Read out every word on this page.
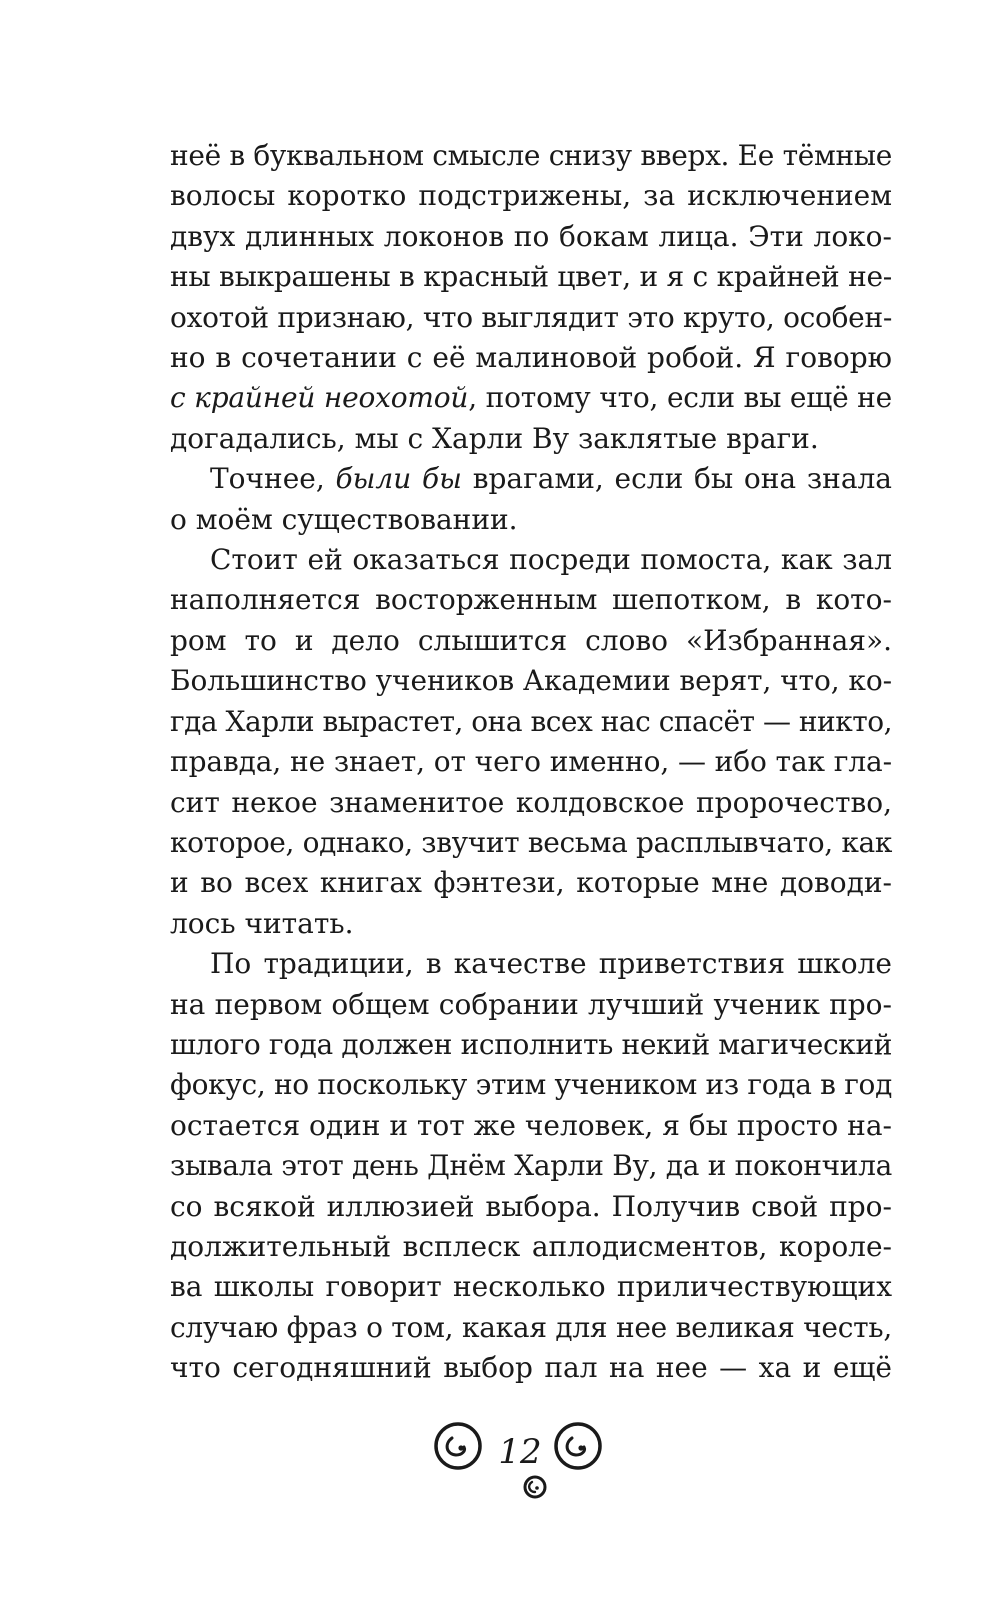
неё в буквальном смысле снизу вверх. Ее тёмные
волосы коротко подстрижены, за исключением
двух длинных локонов по бокам лица. Эти локо-
ны выкрашены в красный цвет, и я с крайней не-
охотой признаю, что выглядит это круто, особен-
но в сочетании с её малиновой робой. Я говорю
с крайней неохотой, потому что, если вы ещё не
догадались, мы с Харли Ву заклятые враги.

Точнее, были бы врагами, если бы она знала
о моём существовании.

Стоит ей оказаться посреди помоста, как зал
наполняется восторженным шепотком, в кото-
ром то и дело слышится слово «Избранная».
Большинство учеников Академии верят, что, ко-
гда Харли вырастет, она всех нас спасёт — никто,
правда, не знает, от чего именно, — ибо так гла-
сит некое знаменитое колдовское пророчество,
которое, однако, звучит весьма расплывчато, как
и во всех книгах фэнтези, которые мне доводи-
лось читать.

По традиции, в качестве приветствия школе
на первом общем собрании лучший ученик про-
шлого года должен исполнить некий магический
фокус, но поскольку этим учеником из года в год
остается один и тот же человек, я бы просто на-
зывала этот день Днём Харли Ву, да и покончила
со всякой иллюзией выбора. Получив свой про-
должительный всплеск аплодисментов, короле-
ва школы говорит несколько приличествующих
случаю фраз о том, какая для нее великая честь,
что сегодняшний выбор пал на нее — ха и ещё

12
